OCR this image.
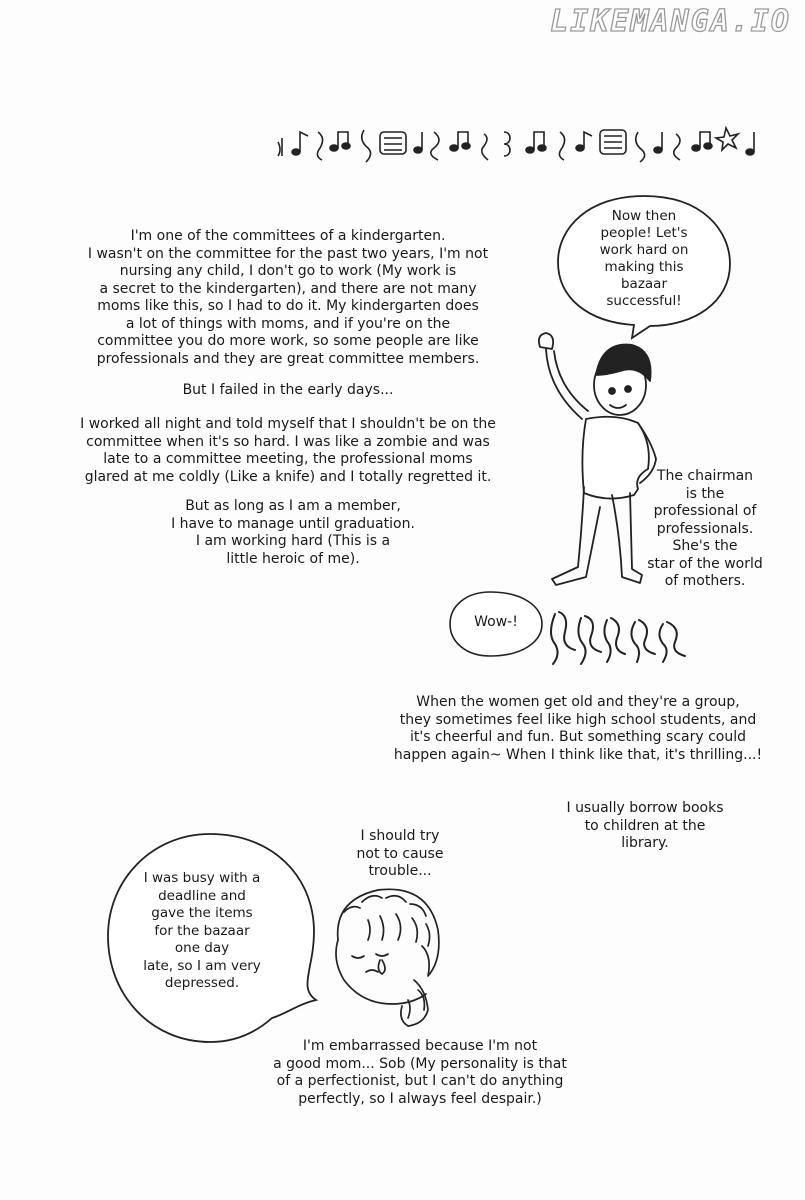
LIKEMANGA.IO
I'm one of the committees of a kindergarten.
I wasn't on the committee for the past two years, I'm not
nursing any child, I don't go to work (My work is
a secret to the kindergarten), and there are not many
moms like this, so I had to do it. My kindergarten does
a lot of things with moms, and if you're on the
committee you do more work, so some people are like
professionals and they are great committee members.
But I failed in the early days...
I worked all night and told myself that I shouldn't be on the
committee when it's so hard. I was like a zombie and was
late to a committee meeting, the professional moms
glared at me coldly (Like a knife) and I totally regretted it.
But as long as I am a member,
I have to manage until graduation.
I am working hard (This is a
little heroic of me).
Now then
people! Let's
work hard on
making this
bazaar
successful!
The chairman
is the
professional of
professionals.
She's the
star of the world
of mothers.
Wow-!
When the women get old and they're a group,
they sometimes feel like high school students, and
it's cheerful and fun. But something scary could
happen again~ When I think like that, it's thrilling...!
I usually borrow books
to children at the
library.
I should try
not to cause
trouble...
I was busy with a
deadline and
gave the items
for the bazaar
one day
late, so I am very
depressed.
I'm embarrassed because I'm not
a good mom... Sob (My personality is that
of a perfectionist, but I can't do anything
perfectly, so I always feel despair.)
